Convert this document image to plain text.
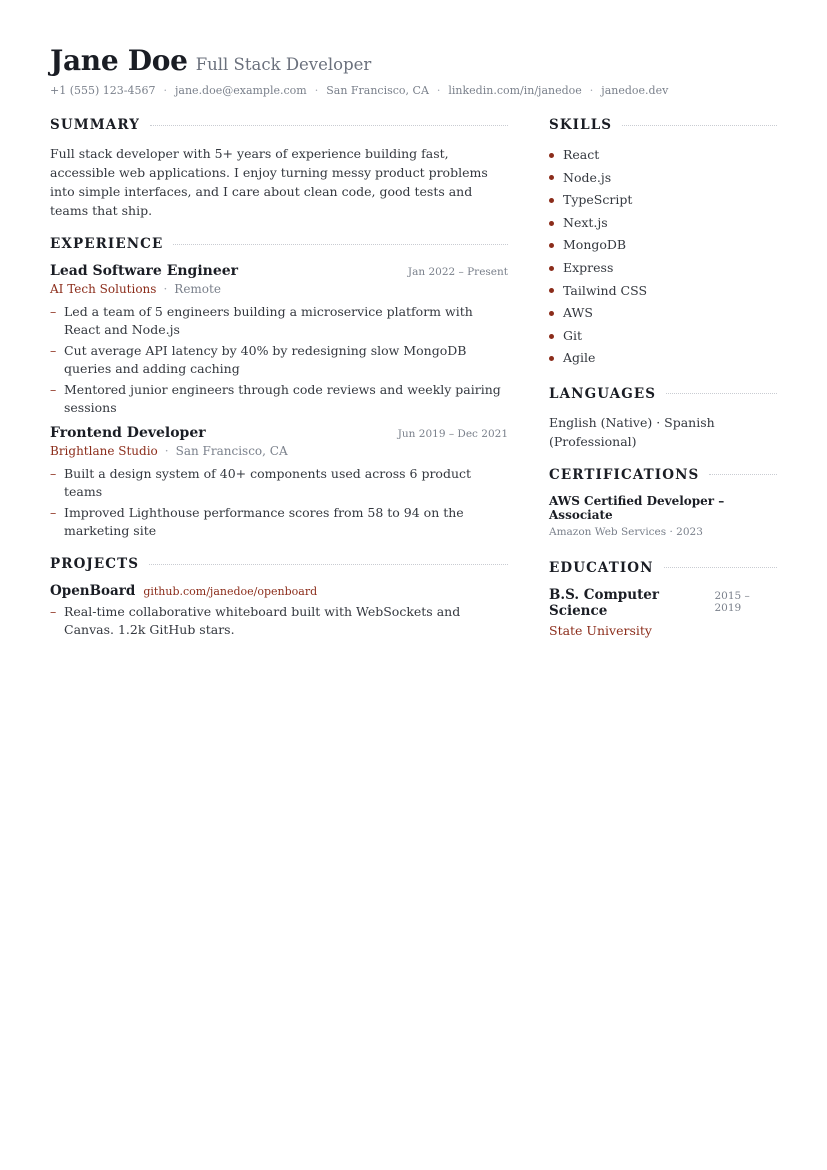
Jane Doe Full Stack Developer
+1 (555) 123-4567 · jane.doe@example.com · San Francisco, CA · linkedin.com/in/janedoe · janedoe.dev
SUMMARY
Full stack developer with 5+ years of experience building fast, accessible web applications. I enjoy turning messy product problems into simple interfaces, and I care about clean code, good tests and teams that ship.
EXPERIENCE
Lead Software Engineer	Jan 2022 – Present
AI Tech Solutions · Remote
– Led a team of 5 engineers building a microservice platform with React and Node.js
– Cut average API latency by 40% by redesigning slow MongoDB queries and adding caching
– Mentored junior engineers through code reviews and weekly pairing sessions
Frontend Developer	Jun 2019 – Dec 2021
Brightlane Studio · San Francisco, CA
– Built a design system of 40+ components used across 6 product teams
– Improved Lighthouse performance scores from 58 to 94 on the marketing site
PROJECTS
OpenBoard github.com/janedoe/openboard
– Real-time collaborative whiteboard built with WebSockets and Canvas. 1.2k GitHub stars.
SKILLS
React
Node.js
TypeScript
Next.js
MongoDB
Express
Tailwind CSS
AWS
Git
Agile
LANGUAGES
English (Native) · Spanish (Professional)
CERTIFICATIONS
AWS Certified Developer – Associate
Amazon Web Services · 2023
EDUCATION
B.S. Computer Science
2015 – 2019
State University
